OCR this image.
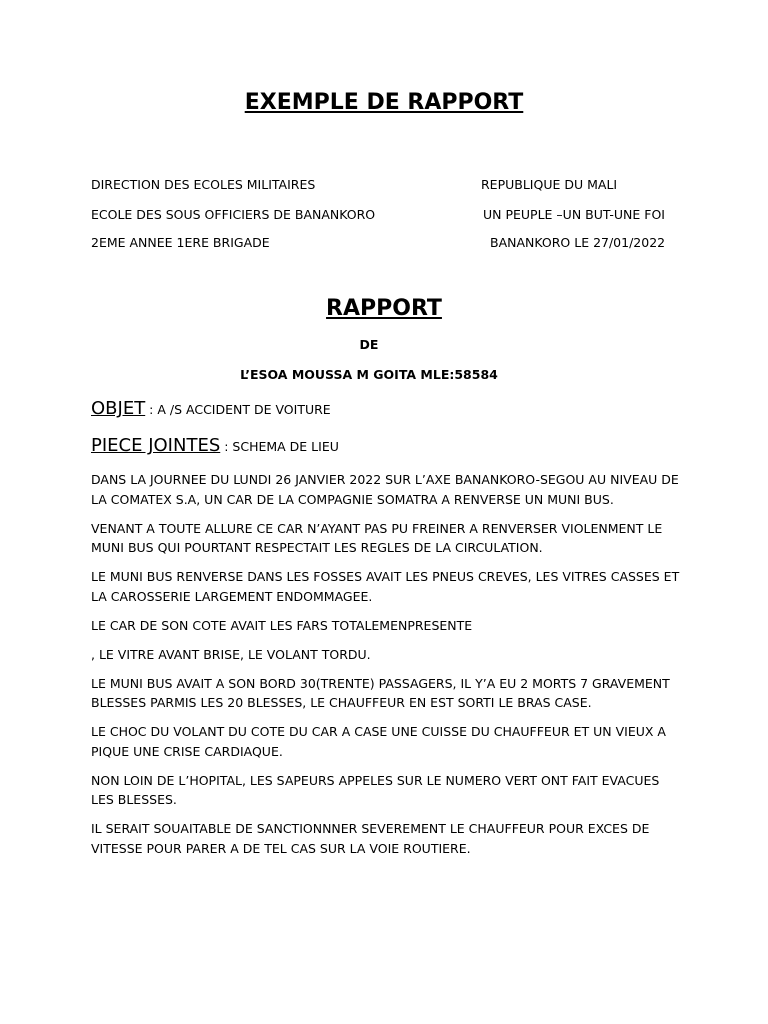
EXEMPLE DE RAPPORT
DIRECTION DES ECOLES MILITAIRES	REPUBLIQUE DU MALI
ECOLE DES SOUS OFFICIERS DE BANANKORO	UN PEUPLE –UN BUT-UNE FOI
2EME ANNEE 1ERE BRIGADE	BANANKORO LE 27/01/2022
RAPPORT
DE
L’ESOA MOUSSA M GOITA MLE:58584
OBJET : A /S ACCIDENT DE VOITURE
PIECE JOINTES : SCHEMA DE LIEU

DANS LA JOURNEE DU LUNDI 26 JANVIER 2022 SUR L’AXE BANANKORO-SEGOU AU NIVEAU DE LA COMATEX S.A, UN CAR DE LA COMPAGNIE SOMATRA A RENVERSE UN MUNI BUS.

VENANT A TOUTE ALLURE CE CAR N’AYANT PAS PU FREINER A RENVERSER VIOLENMENT LE MUNI BUS QUI POURTANT RESPECTAIT LES REGLES DE LA CIRCULATION.

LE MUNI BUS RENVERSE DANS LES FOSSES AVAIT LES PNEUS CREVES, LES VITRES CASSES ET LA CAROSSERIE LARGEMENT ENDOMMAGEE.

LE CAR DE SON COTE AVAIT LES FARS TOTALEMENPRESENTE

, LE VITRE AVANT BRISE, LE VOLANT TORDU.

LE MUNI BUS AVAIT A SON BORD 30(TRENTE) PASSAGERS, IL Y’A EU 2 MORTS 7 GRAVEMENT BLESSES PARMIS LES 20 BLESSES, LE CHAUFFEUR EN EST SORTI LE BRAS CASE.

LE CHOC DU VOLANT DU COTE DU CAR A CASE UNE CUISSE DU CHAUFFEUR ET UN VIEUX A PIQUE UNE CRISE CARDIAQUE.

NON LOIN DE L’HOPITAL, LES SAPEURS APPELES SUR LE NUMERO VERT ONT FAIT EVACUES LES BLESSES.

IL SERAIT SOUAITABLE DE SANCTIONNNER SEVEREMENT LE CHAUFFEUR POUR EXCES DE VITESSE POUR PARER A DE TEL CAS SUR LA VOIE ROUTIERE.
